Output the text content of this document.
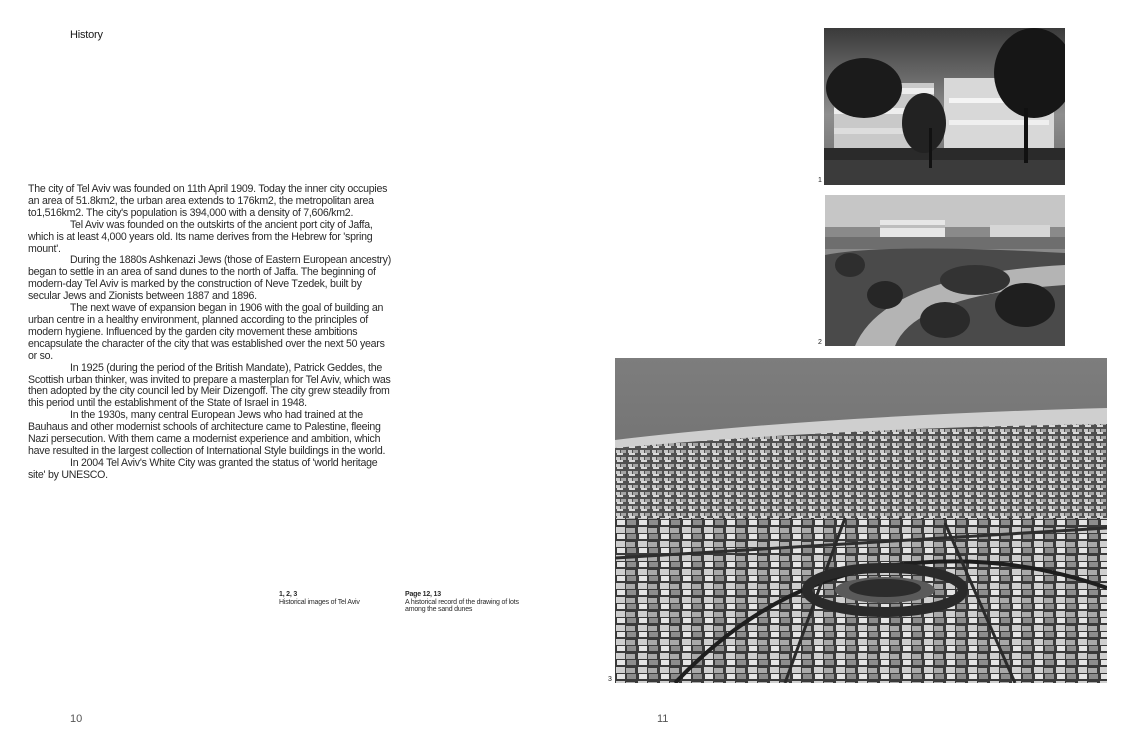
History

The city of Tel Aviv was founded on 11th April 1909. Today the inner city occupies an area of 51.8km2, the urban area extends to 176km2, the metropolitan area to1,516km2. The city's population is 394,000 with a density of 7,606/km2.

Tel Aviv was founded on the outskirts of the ancient port city of Jaffa, which is at least 4,000 years old. Its name derives from the Hebrew for 'spring mount'.

During the 1880s Ashkenazi Jews (those of Eastern European ancestry) began to settle in an area of sand dunes to the north of Jaffa. The beginning of modern-day Tel Aviv is marked by the construction of Neve Tzedek, built by secular Jews and Zionists between 1887 and 1896.

The next wave of expansion began in 1906 with the goal of building an urban centre in a healthy environment, planned according to the principles of modern hygiene. Influenced by the garden city movement these ambitions encapsulate the character of the city that was established over the next 50 years or so.

In 1925 (during the period of the British Mandate), Patrick Geddes, the Scottish urban thinker, was invited to prepare a masterplan for Tel Aviv, which was then adopted by the city council led by Meir Dizengoff. The city grew steadily from this period until the establishment of the State of Israel in 1948.

In the 1930s, many central European Jews who had trained at the Bauhaus and other modernist schools of architecture came to Palestine, fleeing Nazi persecution. With them came a modernist experience and ambition, which have resulted in the largest collection of International Style buildings in the world.

In 2004 Tel Aviv's White City was granted the status of 'world heritage site' by UNESCO.

1, 2, 3
Historical images of Tel Aviv
Page 12, 13
A historical record of the drawing of lots among the sand dunes
1
2
3
10	11
